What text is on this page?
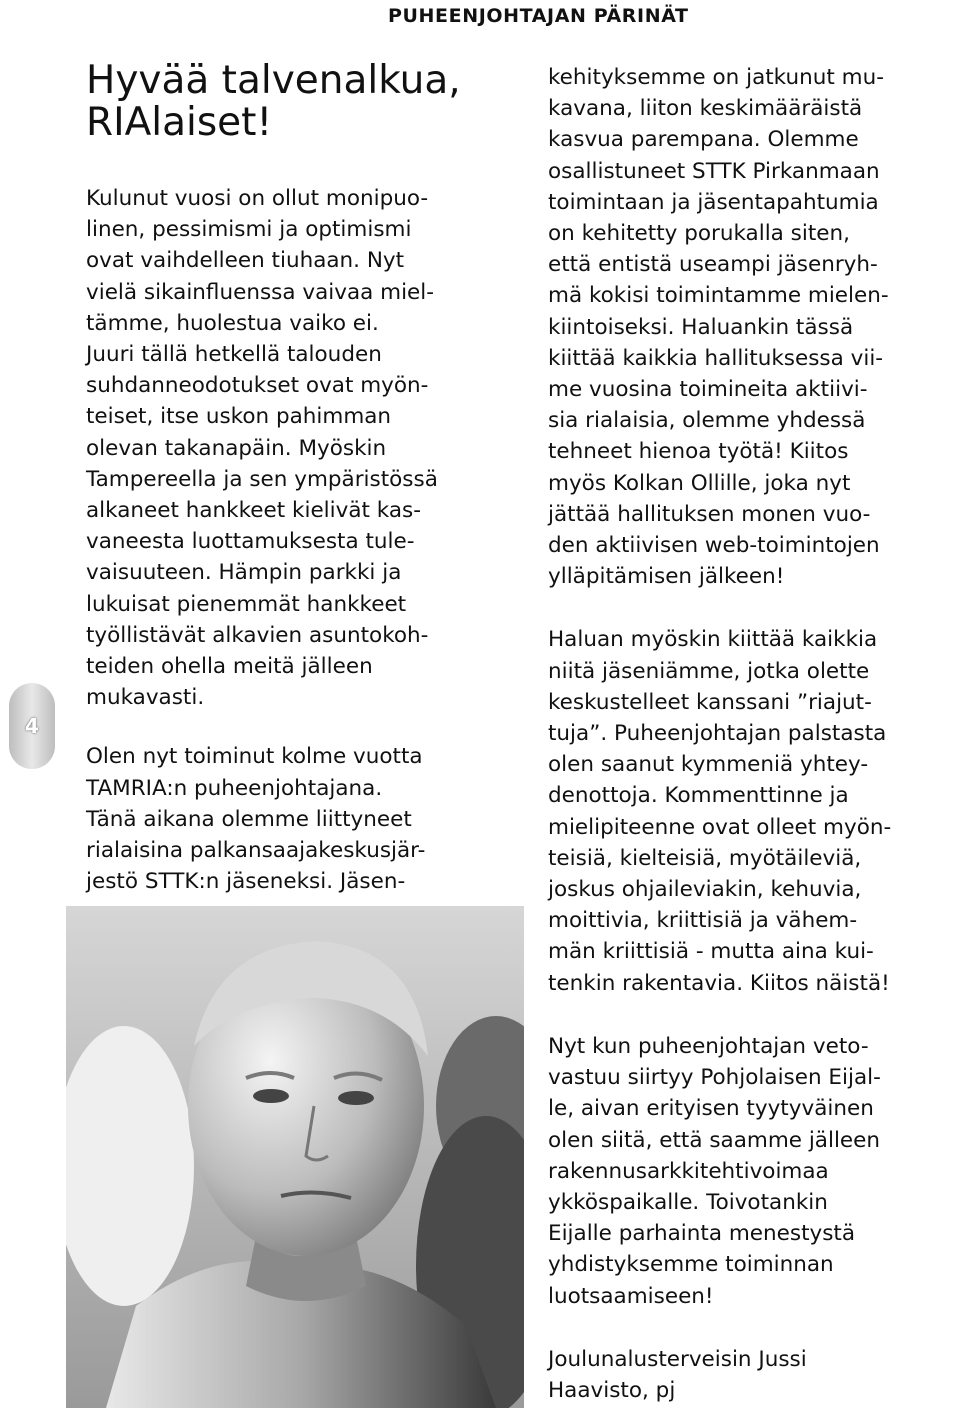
PUHEENJOHTAJAN PÄRINÄT
4
Hyvää talvenalkua,
RIAlaiset!

Kulunut vuosi on ollut monipuo-
linen, pessimismi ja optimismi
ovat vaihdelleen tiuhaan. Nyt
vielä sikainfluenssa vaivaa miel-
tämme, huolestua vaiko ei.
Juuri tällä hetkellä talouden
suhdanneodotukset ovat myön-
teiset, itse uskon pahimman
olevan takanapäin. Myöskin
Tampereella ja sen ympäristössä
alkaneet hankkeet kielivät kas-
vaneesta luottamuksesta tule-
vaisuuteen. Hämpin parkki ja
lukuisat pienemmät hankkeet
työllistävät alkavien asuntokoh-
teiden ohella meitä jälleen
mukavasti.

Olen nyt toiminut kolme vuotta
TAMRIA:n puheenjohtajana.
Tänä aikana olemme liittyneet
rialaisina palkansaajakeskusjär-
jestö STTK:n jäseneksi. Jäsen-

kehityksemme on jatkunut mu-
kavana, liiton keskimääräistä
kasvua parempana. Olemme
osallistuneet STTK Pirkanmaan
toimintaan ja jäsentapahtumia
on kehitetty porukalla siten,
että entistä useampi jäsenryh-
mä kokisi toimintamme mielen-
kiintoiseksi. Haluankin tässä
kiittää kaikkia hallituksessa vii-
me vuosina toimineita aktiivi-
sia rialaisia, olemme yhdessä
tehneet hienoa työtä! Kiitos
myös Kolkan Ollille, joka nyt
jättää hallituksen monen vuo-
den aktiivisen web-toimintojen
ylläpitämisen jälkeen!

Haluan myöskin kiittää kaikkia
niitä jäseniämme, jotka olette
keskustelleet kanssani ”riajut-
tuja”. Puheenjohtajan palstasta
olen saanut kymmeniä yhtey-
denottoja. Kommenttinne ja
mielipiteenne ovat olleet myön-
teisiä, kielteisiä, myötäileviä,
joskus ohjaileviakin, kehuvia,
moittivia, kriittisiä ja vähem-
män kriittisiä - mutta aina kui-
tenkin rakentavia. Kiitos näistä!

Nyt kun puheenjohtajan veto-
vastuu siirtyy Pohjolaisen Eijal-
le, aivan erityisen tyytyväinen
olen siitä, että saamme jälleen
rakennusarkkitehtivoimaa
ykköspaikalle. Toivotankin
Eijalle parhainta menestystä
yhdistyksemme toiminnan
luotsaamiseen!

Joulunalusterveisin Jussi
Haavisto, pj
